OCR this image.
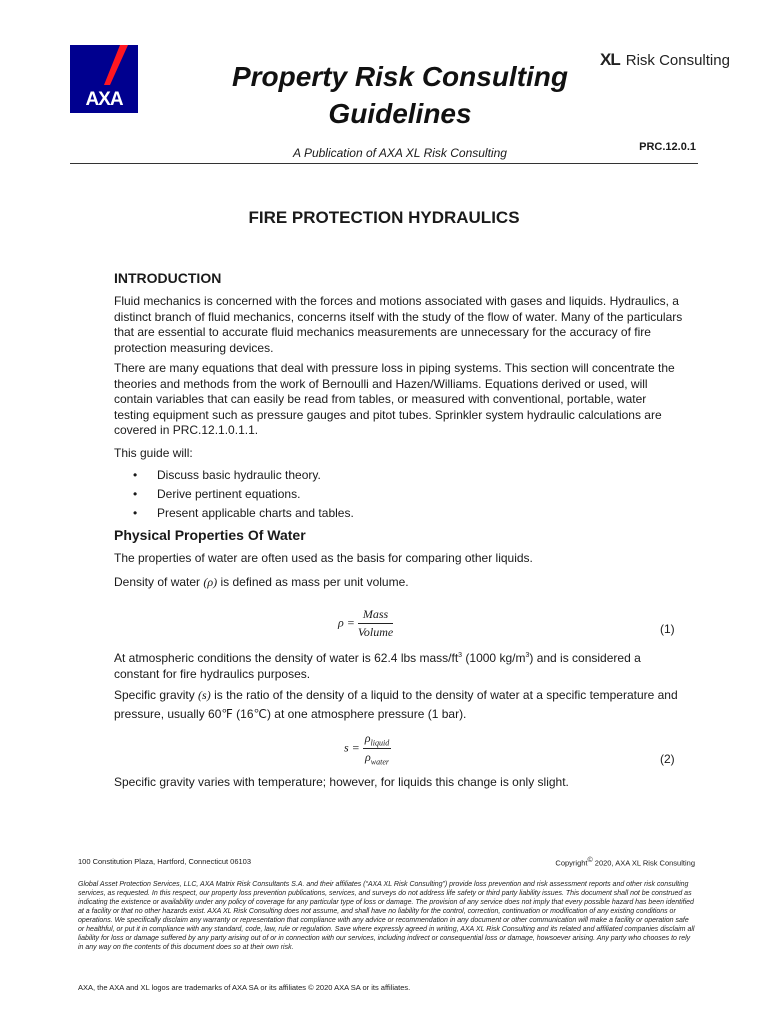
AXA
Property Risk Consulting Guidelines
XL Risk Consulting
PRC.12.0.1
A Publication of AXA XL Risk Consulting
FIRE PROTECTION HYDRAULICS
INTRODUCTION
Fluid mechanics is concerned with the forces and motions associated with gases and liquids. Hydraulics, a distinct branch of fluid mechanics, concerns itself with the study of the flow of water. Many of the particulars that are essential to accurate fluid mechanics measurements are unnecessary for the accuracy of fire protection measuring devices.
There are many equations that deal with pressure loss in piping systems. This section will concentrate the theories and methods from the work of Bernoulli and Hazen/Williams. Equations derived or used, will contain variables that can easily be read from tables, or measured with conventional, portable, water testing equipment such as pressure gauges and pitot tubes. Sprinkler system hydraulic calculations are covered in PRC.12.1.0.1.1.
This guide will:
• Discuss basic hydraulic theory.
• Derive pertinent equations.
• Present applicable charts and tables.
Physical Properties Of Water
The properties of water are often used as the basis for comparing other liquids.
Density of water (ρ) is defined as mass per unit volume.
$\rho = \frac{\text{Mass}}{\text{Volume}}$	(1)
At atmospheric conditions the density of water is 62.4 lbs mass/$ft^3$ (1000 $kg/m^3$) and is considered a constant for fire hydraulics purposes.
Specific gravity (s) is the ratio of the density of a liquid to the density of water at a specific temperature and pressure, usually 60℉ (16℃) at one atmosphere pressure (1 bar).
$s = \frac{\rho_{liquid}}{\rho_{water}}$	(2)
Specific gravity varies with temperature; however, for liquids this change is only slight.
100 Constitution Plaza, Hartford, Connecticut 06103	Copyright© 2020, AXA XL Risk Consulting
Global Asset Protection Services, LLC, AXA Matrix Risk Consultants S.A. and their affiliates (“AXA XL Risk Consulting”) provide loss prevention and risk assessment reports and other risk consulting services, as requested. In this respect, our property loss prevention publications, services, and surveys do not address life safety or third party liability issues. This document shall not be construed as indicating the existence or availability under any policy of coverage for any particular type of loss or damage. The provision of any service does not imply that every possible hazard has been identified at a facility or that no other hazards exist. AXA XL Risk Consulting does not assume, and shall have no liability for the control, correction, continuation or modification of any existing conditions or operations. We specifically disclaim any warranty or representation that compliance with any advice or recommendation in any document or other communication will make a facility or operation safe or healthful, or put it in compliance with any standard, code, law, rule or regulation. Save where expressly agreed in writing, AXA XL Risk Consulting and its related and affiliated companies disclaim all liability for loss or damage suffered by any party arising out of or in connection with our services, including indirect or consequential loss or damage, howsoever arising. Any party who chooses to rely in any way on the contents of this document does so at their own risk.
AXA, the AXA and XL logos are trademarks of AXA SA or its affiliates © 2020 AXA SA or its affiliates.
